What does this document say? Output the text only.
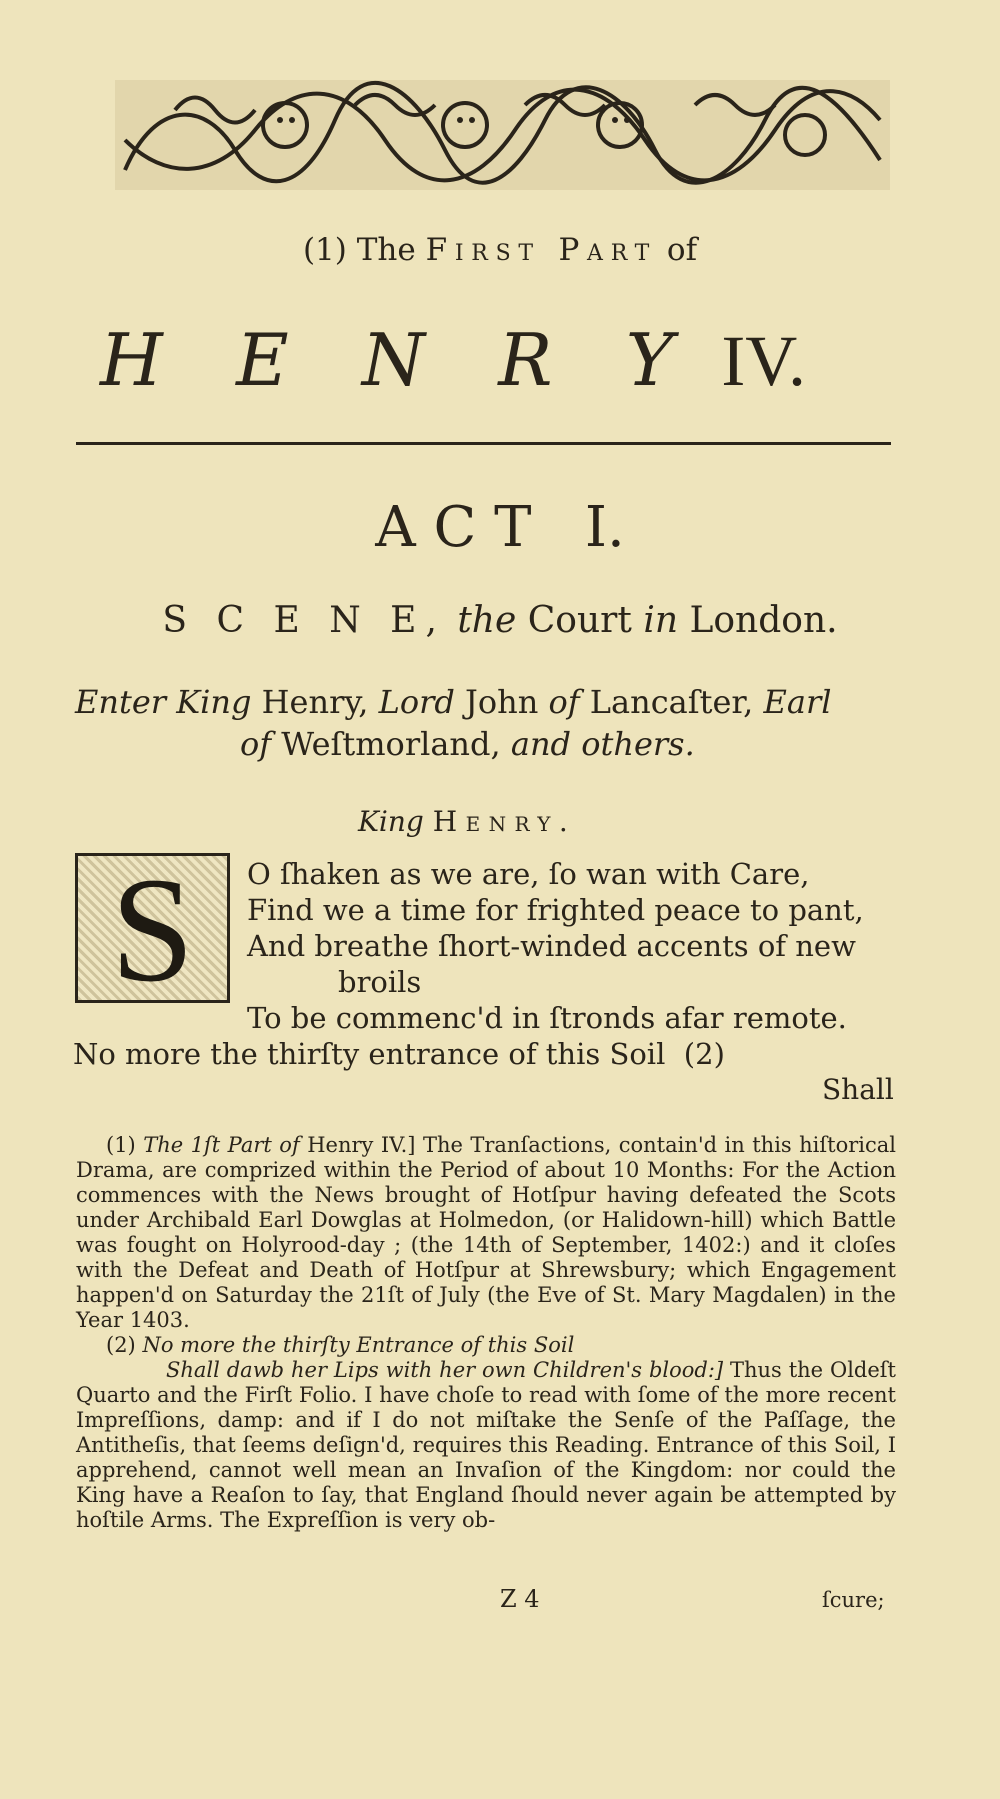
(1) The First Part of
H E N R Y IV.
A C T   I.
S C E N E, the Court in London.
Enter King Henry, Lord John of Lancaſter, Earl
of Weſtmorland, and others.
King Henry.
S	O ſhaken as we are, ſo wan with Care,
Find we a time for frighted peace to pant,
And breathe ſhort-winded accents of new
broils
To be commenc'd in ſtronds afar remote.
No more the thirſty entrance of this Soil  (2)
Shall

(1) The 1ſt Part of Henry IV.] The Tranſactions, contain'd in this hiſtorical Drama, are comprized within the Period of about 10 Months: For the Action commences with the News brought of Hotſpur having defeated the Scots under Archibald Earl Dowglas at Holmedon, (or Halidown-hill) which Battle was fought on Holyrood-day ; (the 14th of September, 1402:) and it cloſes with the Defeat and Death of Hotſpur at Shrewsbury; which Engagement happen'd on Saturday the 21ſt of July (the Eve of St. Mary Magdalen) in the Year 1403.

(2) No more the thirſty Entrance of this Soil

Shall dawb her Lips with her own Children's blood:] Thus the Oldeſt Quarto and the Firſt Folio. I have choſe to read with ſome of the more recent Impreſſions, damp: and if I do not miſtake the Senſe of the Paſſage, the Antitheſis, that ſeems deſign'd, requires this Reading. Entrance of this Soil, I apprehend, cannot well mean an Invaſion of the Kingdom: nor could the King have a Reaſon to ſay, that England ſhould never again be attempted by hoſtile Arms. The Expreſſion is very ob-

Z 4	ſcure;
